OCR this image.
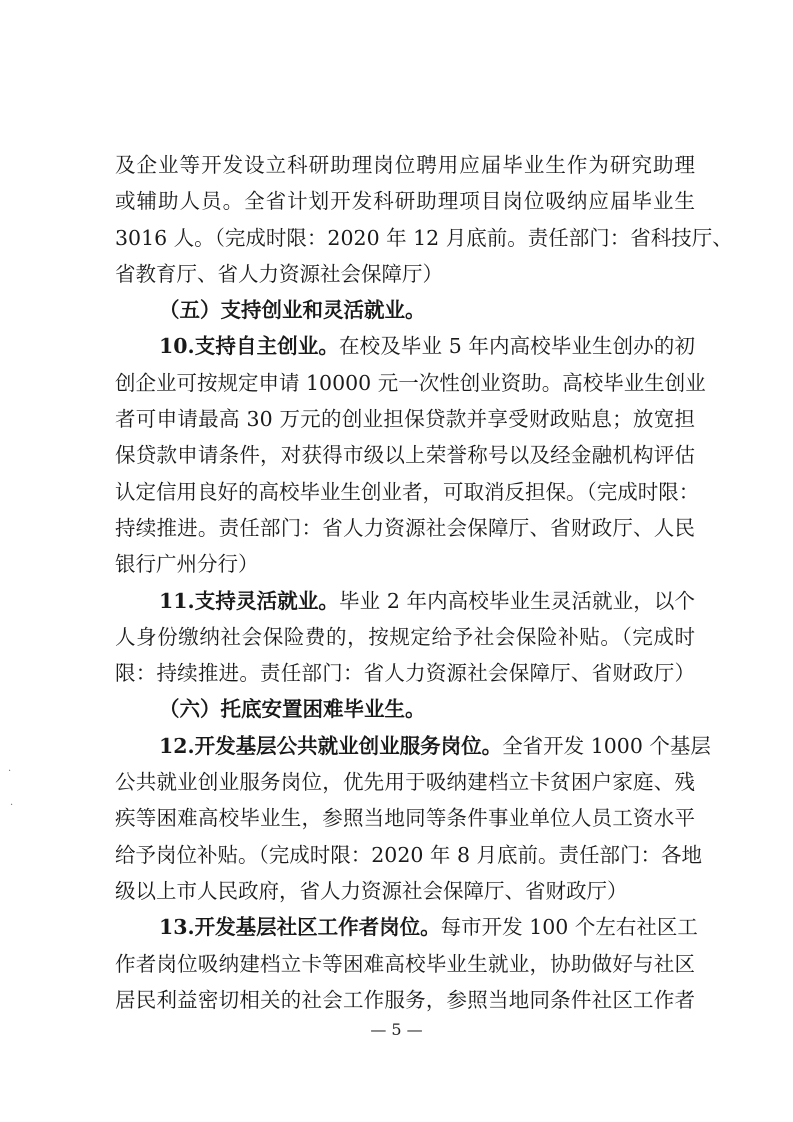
及企业等开发设立科研助理岗位聘用应届毕业生作为研究助理
或辅助人员。全省计划开发科研助理项目岗位吸纳应届毕业生
3016 人。（完成时限：2020 年 12 月底前。责任部门：省科技厅、
省教育厅、省人力资源社会保障厅）
（五）支持创业和灵活就业。
10.支持自主创业。在校及毕业 5 年内高校毕业生创办的初
创企业可按规定申请 10000 元一次性创业资助。高校毕业生创业
者可申请最高 30 万元的创业担保贷款并享受财政贴息；放宽担
保贷款申请条件，对获得市级以上荣誉称号以及经金融机构评估
认定信用良好的高校毕业生创业者，可取消反担保。（完成时限：
持续推进。责任部门：省人力资源社会保障厅、省财政厅、人民
银行广州分行）
11.支持灵活就业。毕业 2 年内高校毕业生灵活就业，以个
人身份缴纳社会保险费的，按规定给予社会保险补贴。（完成时
限：持续推进。责任部门：省人力资源社会保障厅、省财政厅）
（六）托底安置困难毕业生。
12.开发基层公共就业创业服务岗位。全省开发 1000 个基层
公共就业创业服务岗位，优先用于吸纳建档立卡贫困户家庭、残
疾等困难高校毕业生，参照当地同等条件事业单位人员工资水平
给予岗位补贴。（完成时限：2020 年 8 月底前。责任部门：各地
级以上市人民政府，省人力资源社会保障厅、省财政厅）
13.开发基层社区工作者岗位。每市开发 100 个左右社区工
作者岗位吸纳建档立卡等困难高校毕业生就业，协助做好与社区
居民利益密切相关的社会工作服务，参照当地同条件社区工作者
— 5 —
·
·
